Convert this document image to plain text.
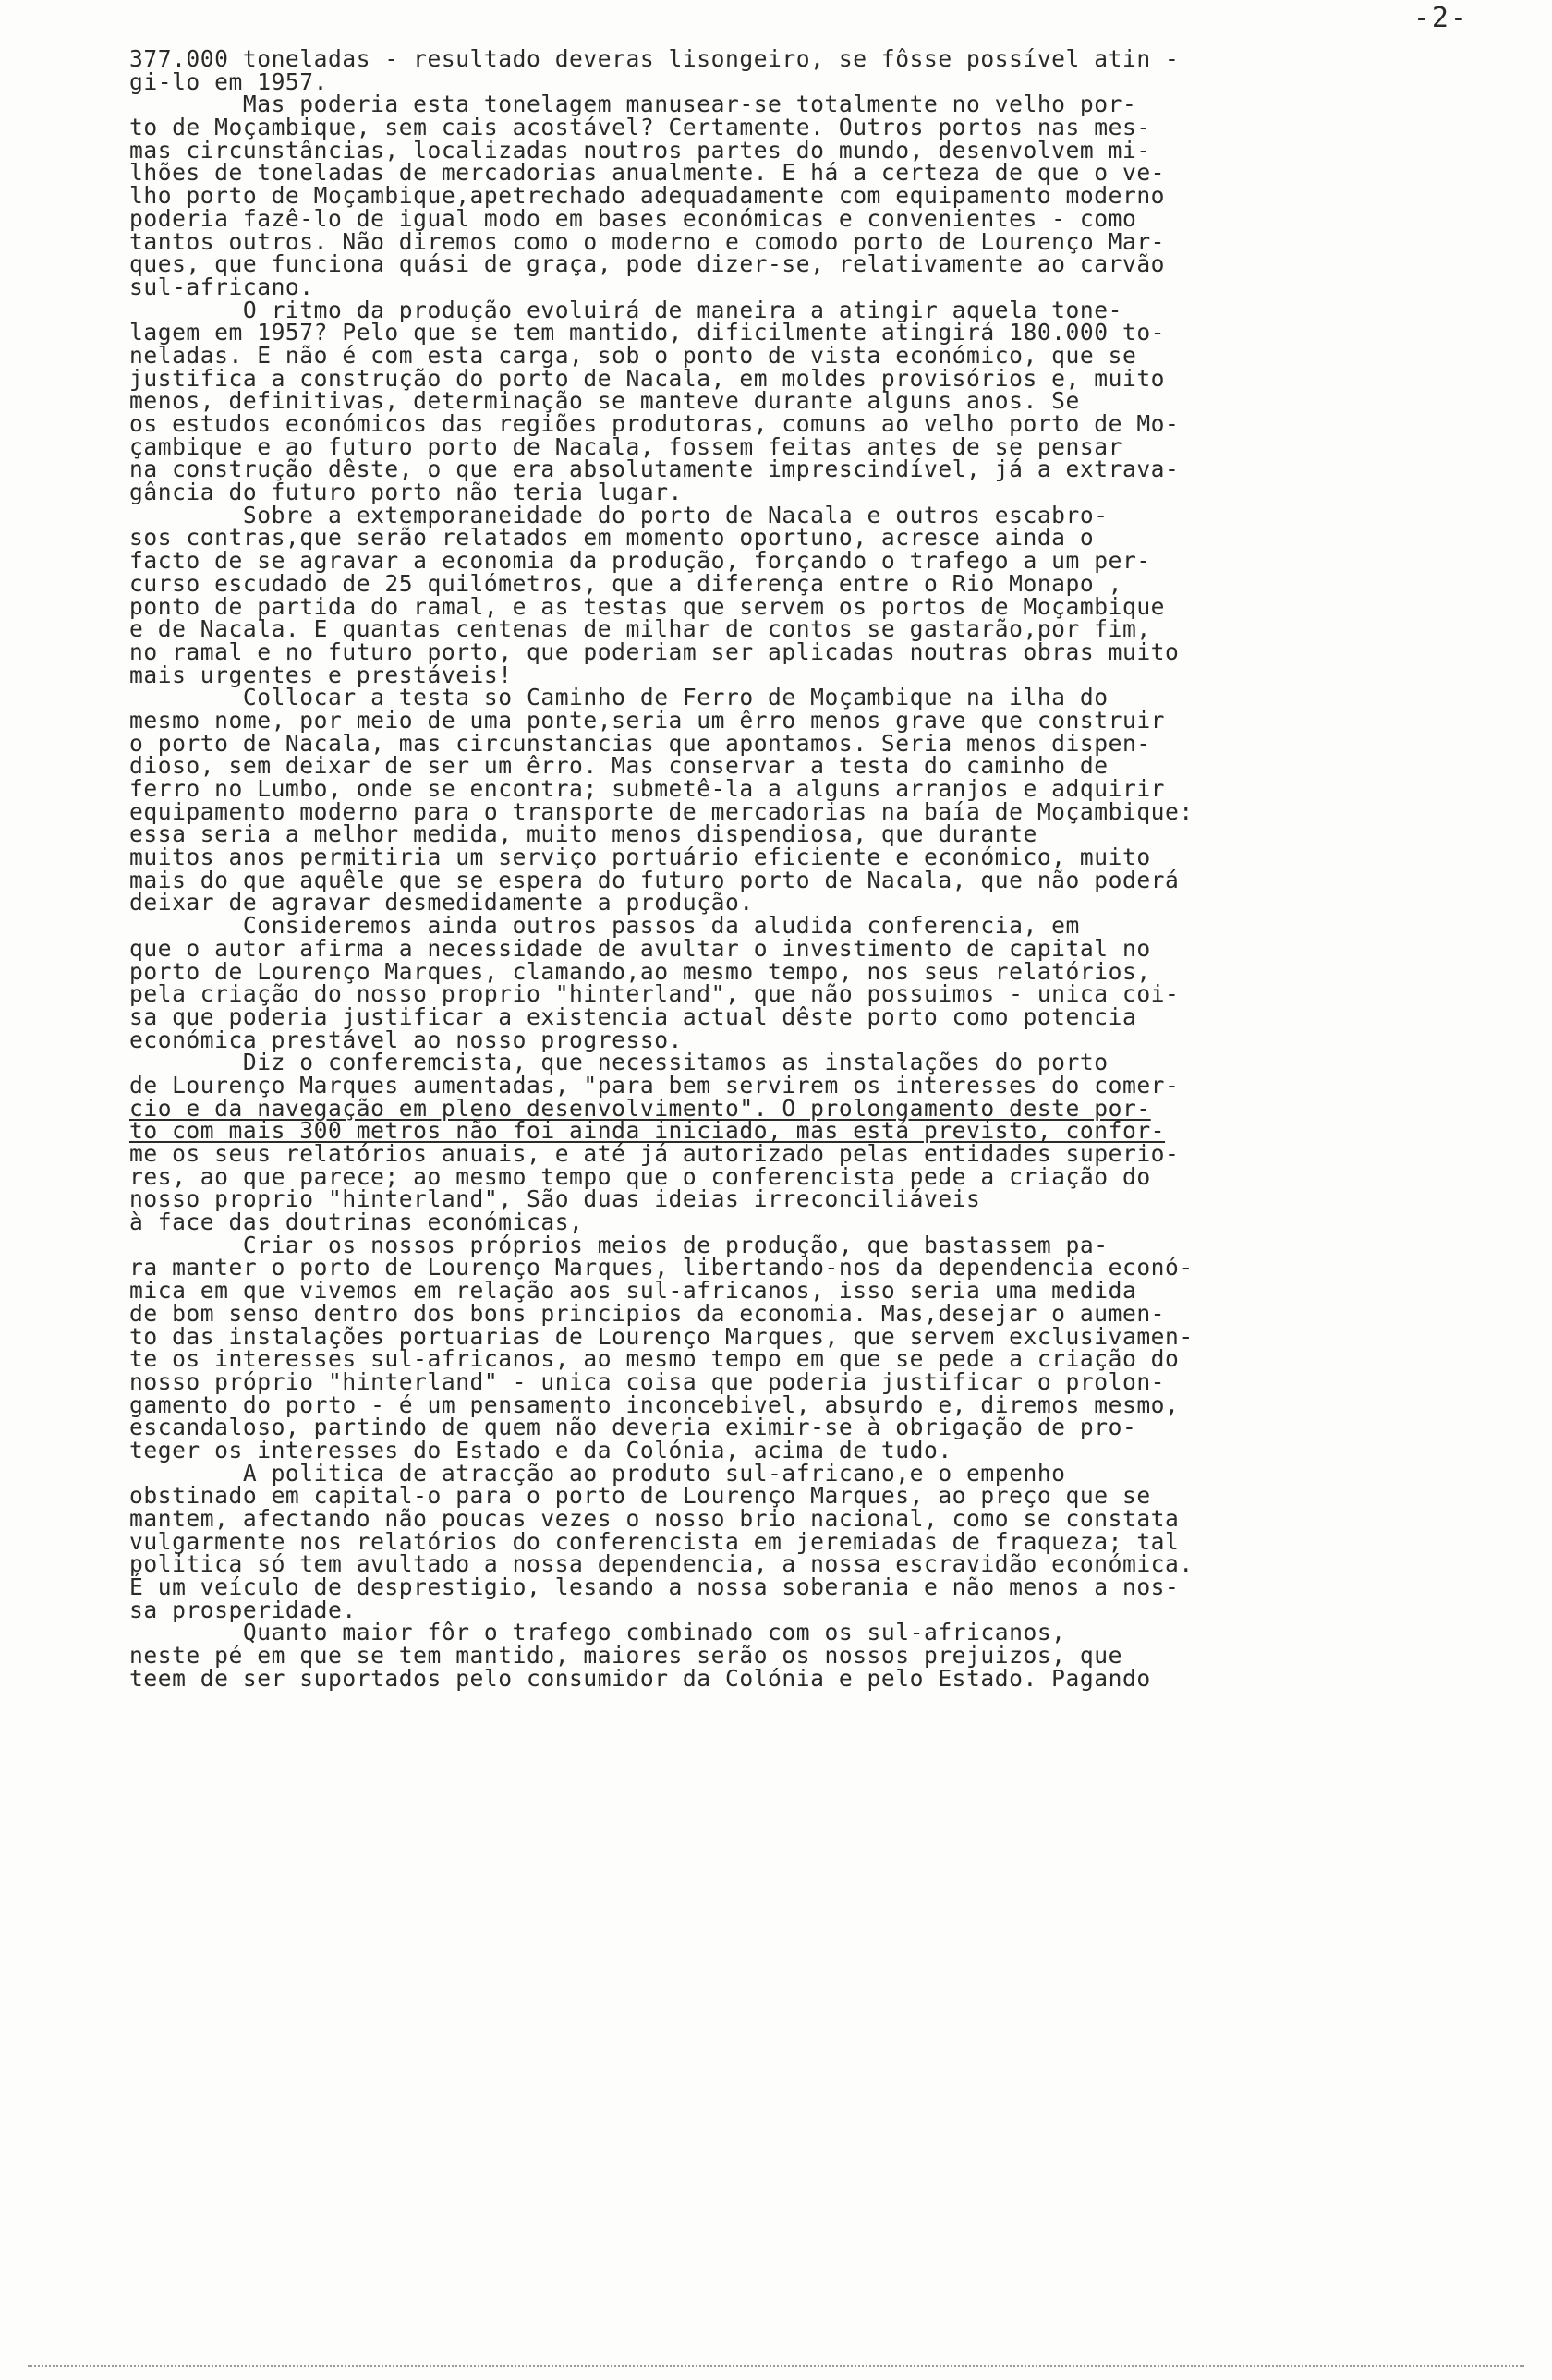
-2-
377.000 toneladas - resultado deveras lisongeiro, se fôsse possível atin -
gi-lo em 1957.
Mas poderia esta tonelagem manusear-se totalmente no velho por-
to de Moçambique, sem cais acostável? Certamente. Outros portos nas mes-
mas circunstâncias, localizadas noutros partes do mundo, desenvolvem mi-
lhões de toneladas de mercadorias anualmente. E há a certeza de que o ve-
lho porto de Moçambique,apetrechado adequadamente com equipamento moderno
poderia fazê-lo de igual modo em bases económicas e convenientes - como
tantos outros. Não diremos como o moderno e comodo porto de Lourenço Mar-
ques, que funciona quási de graça, pode dizer-se, relativamente ao carvão
sul-africano.
O ritmo da produção evoluirá de maneira a atingir aquela tone-
lagem em 1957? Pelo que se tem mantido, dificilmente atingirá 180.000 to-
neladas. E não é com esta carga, sob o ponto de vista económico, que se
justifica a construção do porto de Nacala, em moldes provisórios e, muito
menos, definitivas, determinação se manteve durante alguns anos. Se
os estudos económicos das regiões produtoras, comuns ao velho porto de Mo-
çambique e ao futuro porto de Nacala, fossem feitas antes de se pensar
na construção dêste, o que era absolutamente imprescindível, já a extrava-
gância do futuro porto não teria lugar.
Sobre a extemporaneidade do porto de Nacala e outros escabro-
sos contras,que serão relatados em momento oportuno, acresce ainda o
facto de se agravar a economia da produção, forçando o trafego a um per-
curso escudado de 25 quilómetros, que a diferença entre o Rio Monapo ,
ponto de partida do ramal, e as testas que servem os portos de Moçambique
e de Nacala. E quantas centenas de milhar de contos se gastarão,por fim,
no ramal e no futuro porto, que poderiam ser aplicadas noutras obras muito
mais urgentes e prestáveis!
Collocar a testa so Caminho de Ferro de Moçambique na ilha do
mesmo nome, por meio de uma ponte,seria um êrro menos grave que construir
o porto de Nacala, mas circunstancias que apontamos. Seria menos dispen-
dioso, sem deixar de ser um êrro. Mas conservar a testa do caminho de
ferro no Lumbo, onde se encontra; submetê-la a alguns arranjos e adquirir
equipamento moderno para o transporte de mercadorias na baía de Moçambique:
essa seria a melhor medida, muito menos dispendiosa, que durante
muitos anos permitiria um serviço portuário eficiente e económico, muito
mais do que aquêle que se espera do futuro porto de Nacala, que não poderá
deixar de agravar desmedidamente a produção.
Consideremos ainda outros passos da aludida conferencia, em
que o autor afirma a necessidade de avultar o investimento de capital no
porto de Lourenço Marques, clamando,ao mesmo tempo, nos seus relatórios,
pela criação do nosso proprio "hinterland", que não possuimos - unica coi-
sa que poderia justificar a existencia actual dêste porto como potencia
económica prestável ao nosso progresso.
Diz o conferemcista, que necessitamos as instalações do porto
de Lourenço Marques aumentadas, "para bem servirem os interesses do comer-
cio e da navegação em pleno desenvolvimento". O prolongamento deste por-
to com mais 300 metros não foi ainda iniciado, mas está previsto, confor-
me os seus relatórios anuais, e até já autorizado pelas entidades superio-
res, ao que parece; ao mesmo tempo que o conferencista pede a criação do
nosso proprio "hinterland", São duas ideias irreconciliáveis
à face das doutrinas económicas,
Criar os nossos próprios meios de produção, que bastassem pa-
ra manter o porto de Lourenço Marques, libertando-nos da dependencia econó-
mica em que vivemos em relação aos sul-africanos, isso seria uma medida
de bom senso dentro dos bons principios da economia. Mas,desejar o aumen-
to das instalações portuarias de Lourenço Marques, que servem exclusivamen-
te os interesses sul-africanos, ao mesmo tempo em que se pede a criação do
nosso próprio "hinterland" - unica coisa que poderia justificar o prolon-
gamento do porto - é um pensamento inconcebivel, absurdo e, diremos mesmo,
escandaloso, partindo de quem não deveria eximir-se à obrigação de pro-
teger os interesses do Estado e da Colónia, acima de tudo.
A politica de atracção ao produto sul-africano,e o empenho
obstinado em capital-o para o porto de Lourenço Marques, ao preço que se
mantem, afectando não poucas vezes o nosso brio nacional, como se constata
vulgarmente nos relatórios do conferencista em jeremiadas de fraqueza; tal
politica só tem avultado a nossa dependencia, a nossa escravidão económica.
É um veículo de desprestigio, lesando a nossa soberania e não menos a nos-
sa prosperidade.
Quanto maior fôr o trafego combinado com os sul-africanos,
neste pé em que se tem mantido, maiores serão os nossos prejuizos, que
teem de ser suportados pelo consumidor da Colónia e pelo Estado. Pagando
